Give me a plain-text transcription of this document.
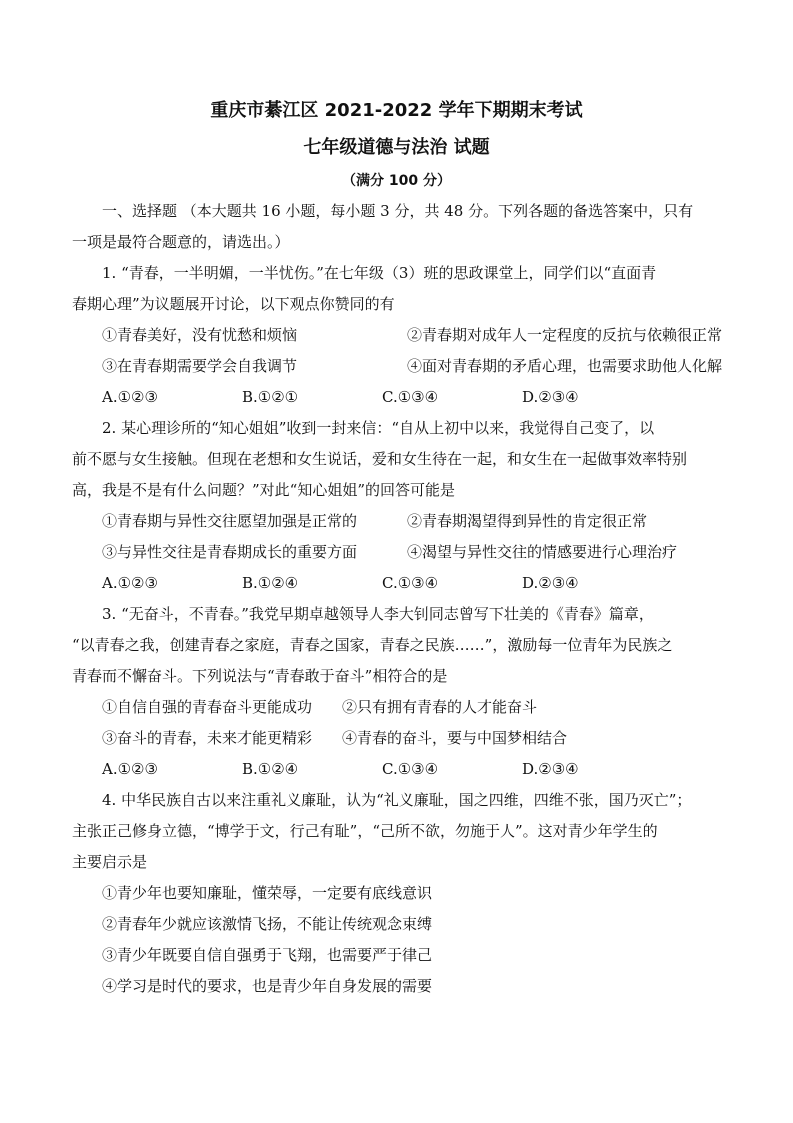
重庆市綦江区 2021-2022 学年下期期末考试
七年级道德与法治 试题
（满分 100 分）
一、选择题 （本大题共 16 小题，每小题 3 分，共 48 分。下列各题的备选答案中，只有
一项是最符合题意的，请选出。）
1. “青春，一半明媚，一半忧伤。”在七年级（3）班的思政课堂上，同学们以“直面青
春期心理”为议题展开讨论，以下观点你赞同的有
①青春美好，没有忧愁和烦恼	②青春期对成年人一定程度的反抗与依赖很正常
③在青春期需要学会自我调节	④面对青春期的矛盾心理，也需要求助他人化解
A.①②③	B.①②①	C.①③④	D.②③④
2. 某心理诊所的“知心姐姐”收到一封来信：“自从上初中以来，我觉得自己变了，以
前不愿与女生接触。但现在老想和女生说话，爱和女生待在一起，和女生在一起做事效率特别
高，我是不是有什么问题？”对此“知心姐姐”的回答可能是
①青春期与异性交往愿望加强是正常的	②青春期渴望得到异性的肯定很正常
③与异性交往是青春期成长的重要方面	④渴望与异性交往的情感要进行心理治疗
A.①②③	B.①②④	C.①③④	D.②③④
3. “无奋斗，不青春。”我党早期卓越领导人李大钊同志曾写下壮美的《青春》篇章，
“以青春之我，创建青春之家庭，青春之国家，青春之民族……”，激励每一位青年为民族之
青春而不懈奋斗。下列说法与“青春敢于奋斗”相符合的是
①自信自强的青春奋斗更能成功	②只有拥有青春的人才能奋斗
③奋斗的青春，未来才能更精彩	④青春的奋斗，要与中国梦相结合
A.①②③	B.①②④	C.①③④	D.②③④
4. 中华民族自古以来注重礼义廉耻，认为“礼义廉耻，国之四维，四维不张，国乃灭亡”；
主张正己修身立德，“博学于文，行己有耻”，“己所不欲，勿施于人”。这对青少年学生的
主要启示是
①青少年也要知廉耻，懂荣辱，一定要有底线意识
②青春年少就应该激情飞扬，不能让传统观念束缚
③青少年既要自信自强勇于飞翔，也需要严于律己
④学习是时代的要求，也是青少年自身发展的需要
